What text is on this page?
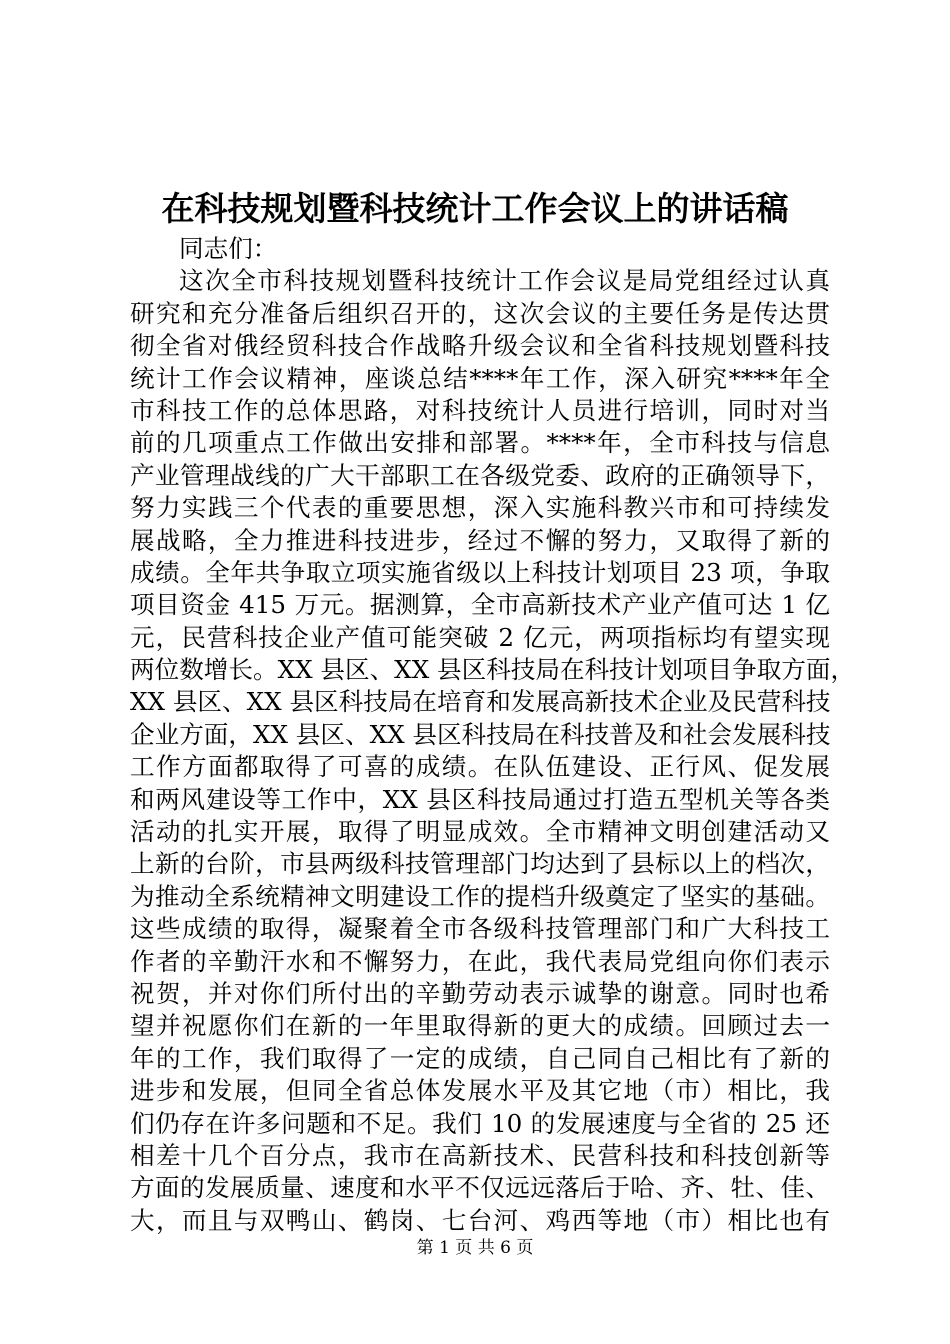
在科技规划暨科技统计工作会议上的讲话稿
同志们：
这次全市科技规划暨科技统计工作会议是局党组经过认真
研究和充分准备后组织召开的，这次会议的主要任务是传达贯
彻全省对俄经贸科技合作战略升级会议和全省科技规划暨科技
统计工作会议精神，座谈总结****年工作，深入研究****年全
市科技工作的总体思路，对科技统计人员进行培训，同时对当
前的几项重点工作做出安排和部署。****年，全市科技与信息
产业管理战线的广大干部职工在各级党委、政府的正确领导下，
努力实践三个代表的重要思想，深入实施科教兴市和可持续发
展战略，全力推进科技进步，经过不懈的努力，又取得了新的
成绩。全年共争取立项实施省级以上科技计划项目 23 项，争取
项目资金 415 万元。据测算，全市高新技术产业产值可达 1 亿
元，民营科技企业产值可能突破 2 亿元，两项指标均有望实现
两位数增长。XX 县区、XX 县区科技局在科技计划项目争取方面，
XX 县区、XX 县区科技局在培育和发展高新技术企业及民营科技
企业方面，XX 县区、XX 县区科技局在科技普及和社会发展科技
工作方面都取得了可喜的成绩。在队伍建设、正行风、促发展
和两风建设等工作中，XX 县区科技局通过打造五型机关等各类
活动的扎实开展，取得了明显成效。全市精神文明创建活动又
上新的台阶，市县两级科技管理部门均达到了县标以上的档次，
为推动全系统精神文明建设工作的提档升级奠定了坚实的基础。
这些成绩的取得，凝聚着全市各级科技管理部门和广大科技工
作者的辛勤汗水和不懈努力，在此，我代表局党组向你们表示
祝贺，并对你们所付出的辛勤劳动表示诚挚的谢意。同时也希
望并祝愿你们在新的一年里取得新的更大的成绩。回顾过去一
年的工作，我们取得了一定的成绩，自己同自己相比有了新的
进步和发展，但同全省总体发展水平及其它地（市）相比，我
们仍存在许多问题和不足。我们 10 的发展速度与全省的 25 还
相差十几个百分点，我市在高新技术、民营科技和科技创新等
方面的发展质量、速度和水平不仅远远落后于哈、齐、牡、佳、
大，而且与双鸭山、鹤岗、七台河、鸡西等地（市）相比也有
第 1 页 共 6 页
